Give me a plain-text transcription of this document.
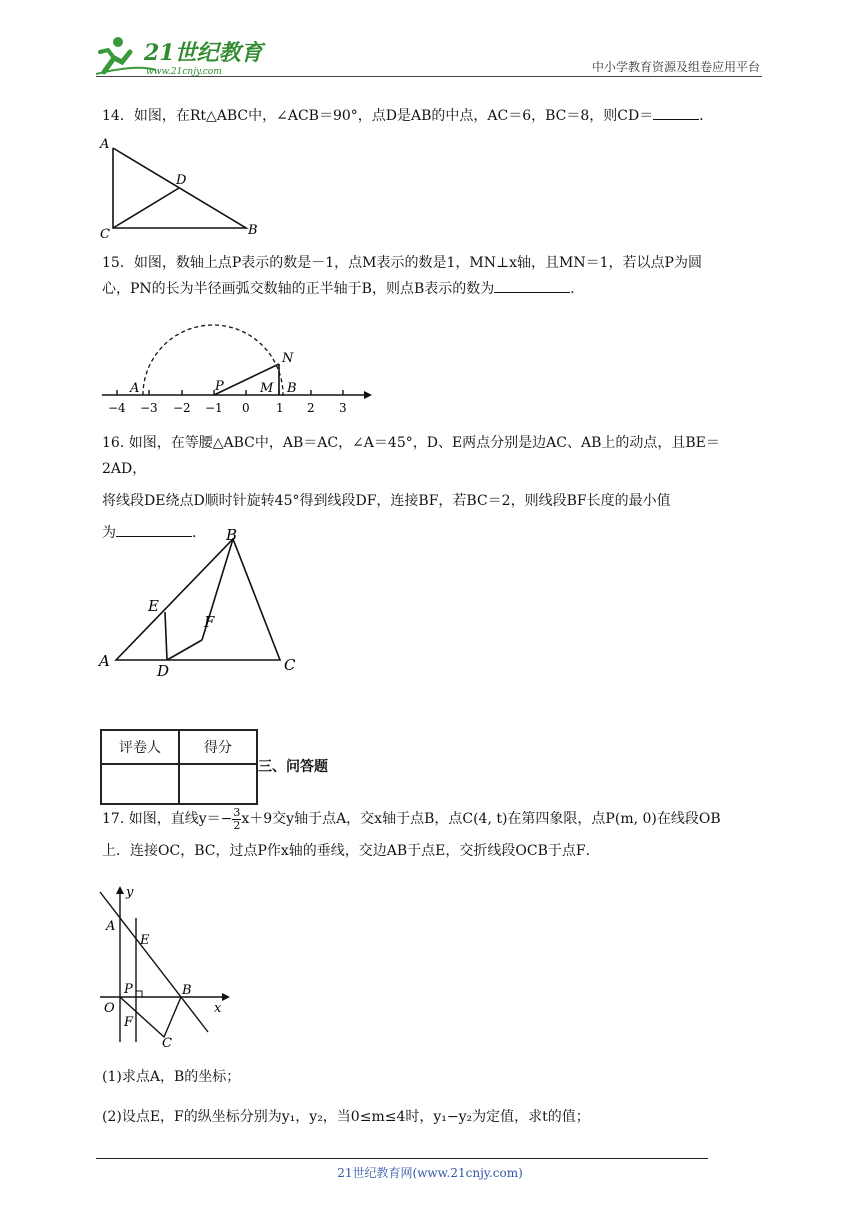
21世纪教育
www.21cnjy.com	中小学教育资源及组卷应用平台
14．如图，在Rt△ABC中，∠ACB＝90°，点D是AB的中点，AC＝6，BC＝8，则CD＝	．
A
C	B
D
15．如图，数轴上点P表示的数是－1，点M表示的数是1，MN⊥x轴，且MN＝1，若以点P为圆
心，PN的长为半径画弧交数轴的正半轴于B，则点B表示的数为	．
−4 −3 −2 −1 0 1 2 3
A	P	M
N
B
16. 如图，在等腰△ABC中，AB＝AC，∠A＝45°，D、E两点分别是边AC、AB上的动点，且BE＝2AD，
将线段DE绕点D顺时针旋转45°得到线段DF，连接BF，若BC＝2，则线段BF长度的最小值
为	．
A
B
C
D
E
F
评卷人	得分

三、问答题
17. 如图，直线$y=- \frac{3}{2} x+9$交y轴于点A，交x轴于点B，点C(4, t)在第四象限，点P(m, 0)在线段OB
上．连接OC，BC，过点P作x轴的垂线，交边AB于点E，交折线段OCB于点F．
y
x
A
E
P	B
O
F
C
(1)求点A，B的坐标；
(2)设点E，F的纵坐标分别为y₁，y₂，当0≤m≤4时，y₁−y₂为定值，求t的值；
21世纪教育网(www.21cnjy.com)
